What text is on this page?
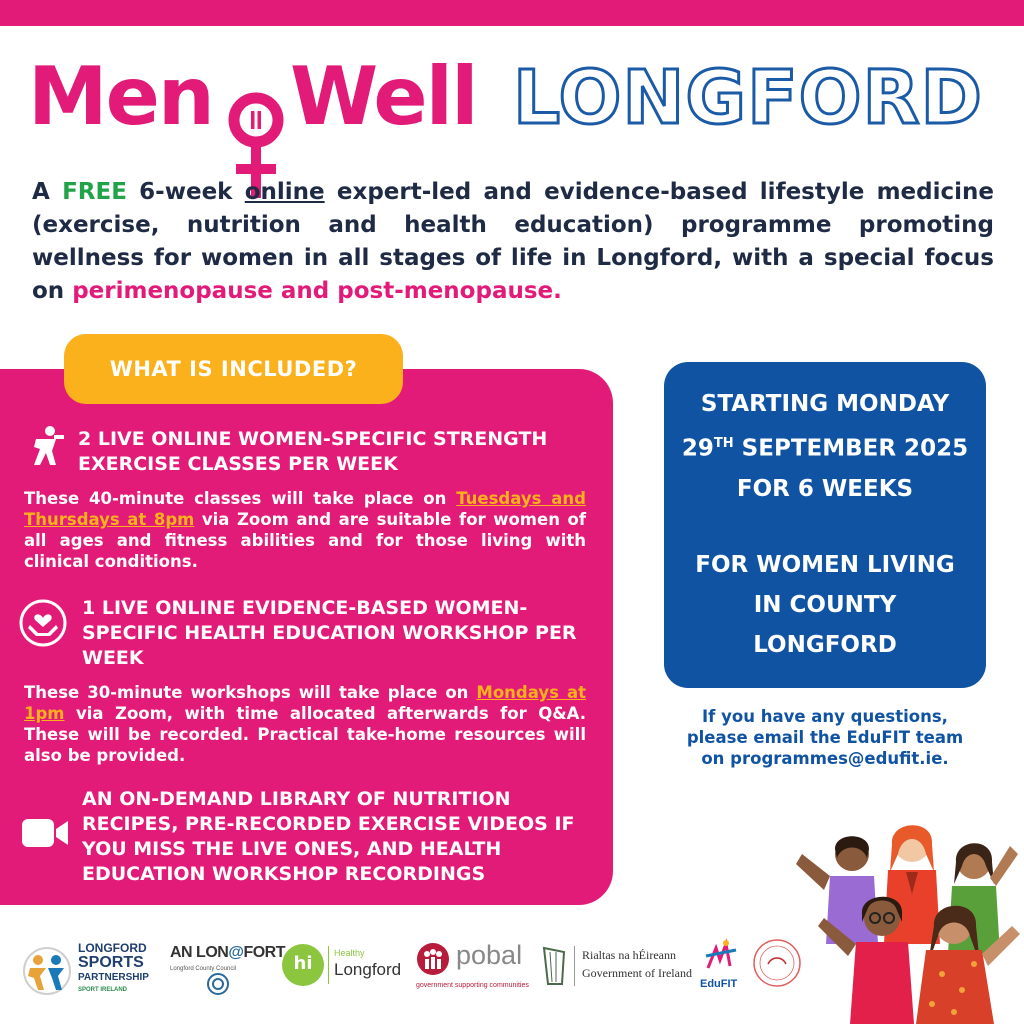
Men Well LONGFORD
A FREE 6-week online expert-led and evidence-based lifestyle medicine (exercise, nutrition and health education) programme promoting wellness for women in all stages of life in Longford, with a special focus on perimenopause and post-menopause.
WHAT IS INCLUDED?
2 LIVE ONLINE WOMEN-SPECIFIC STRENGTH EXERCISE CLASSES PER WEEK
These 40-minute classes will take place on Tuesdays and Thursdays at 8pm via Zoom and are suitable for women of all ages and fitness abilities and for those living with clinical conditions.
1 LIVE ONLINE EVIDENCE-BASED WOMEN-SPECIFIC HEALTH EDUCATION WORKSHOP PER WEEK
These 30-minute workshops will take place on Mondays at 1pm via Zoom, with time allocated afterwards for Q&A. These will be recorded. Practical take-home resources will also be provided.
AN ON-DEMAND LIBRARY OF NUTRITION RECIPES, PRE-RECORDED EXERCISE VIDEOS IF YOU MISS THE LIVE ONES, AND HEALTH EDUCATION WORKSHOP RECORDINGS
STARTING MONDAY
29TH SEPTEMBER 2025
FOR 6 WEEKS
FOR WOMEN LIVING
IN COUNTY
LONGFORD
If you have any questions,
please email the EduFIT team
on programmes@edufit.ie.
LONGFORD
SPORTS
PARTNERSHIP
SPORT IRELAND
AN LON@FORT
Longford County Council	hi	Healthy
Longford pobal
government supporting communities
Rialtas na hÉireann
Government of Ireland
EduFIT
